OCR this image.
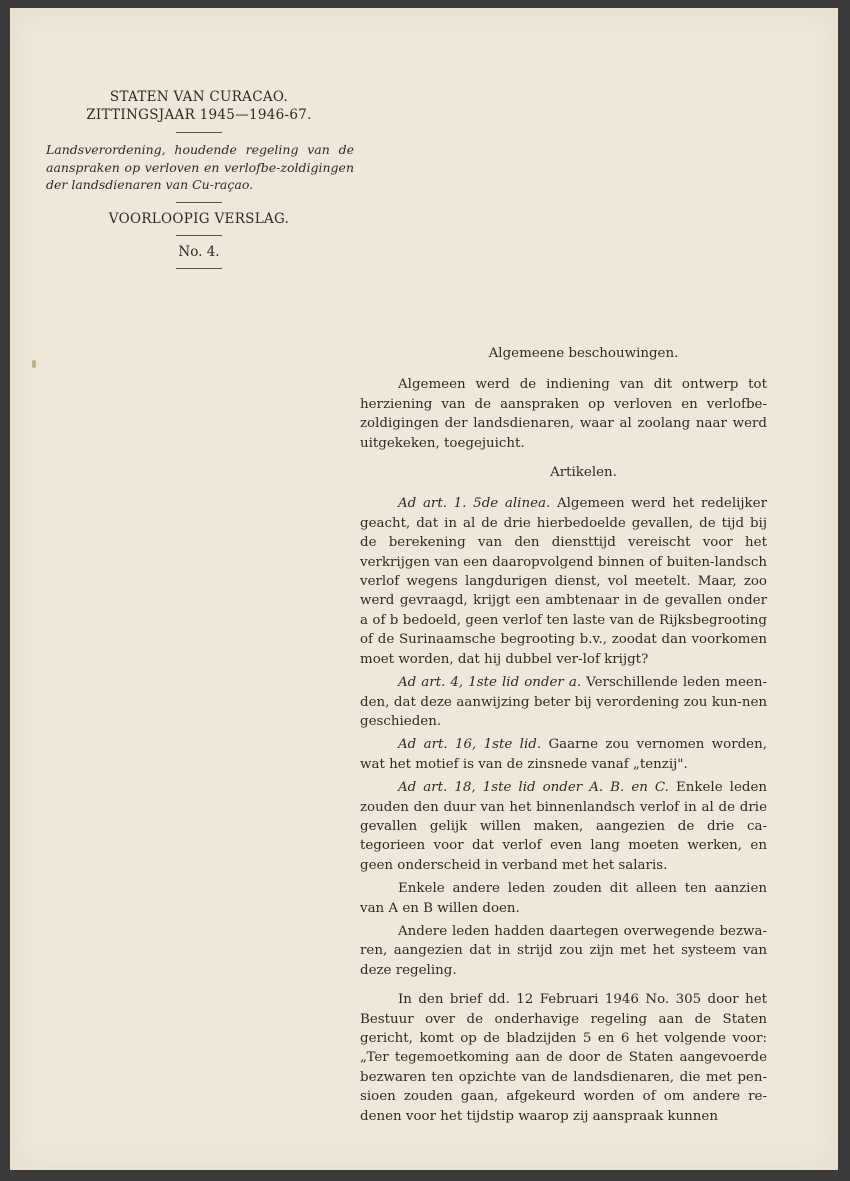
STATEN VAN CURACAO.
ZITTINGSJAAR 1945—1946-67.
Landsverordening, houdende regeling van de aanspraken op verloven en verlofbe-zoldigingen der landsdienaren van Cu-raçao.
VOORLOOPIG VERSLAG.
No. 4.
Algemeene beschouwingen.

Algemeen werd de indiening van dit ontwerp tot herziening van de aanspraken op verloven en verlofbe-zoldigingen der landsdienaren, waar al zoolang naar werd uitgekeken, toegejuicht.

Artikelen.

Ad art. 1. 5de alinea. Algemeen werd het redelijker geacht, dat in al de drie hierbedoelde gevallen, de tijd bij de berekening van den diensttijd vereischt voor het verkrijgen van een daaropvolgend binnen of buiten-landsch verlof wegens langdurigen dienst, vol meetelt. Maar, zoo werd gevraagd, krijgt een ambtenaar in de gevallen onder a of b bedoeld, geen verlof ten laste van de Rijksbegrooting of de Surinaamsche begrooting b.v., zoodat dan voorkomen moet worden, dat hij dubbel ver-lof krijgt?

Ad art. 4, 1ste lid onder a. Verschillende leden meen-den, dat deze aanwijzing beter bij verordening zou kun-nen geschieden.

Ad art. 16, 1ste lid. Gaarne zou vernomen worden, wat het motief is van de zinsnede vanaf „tenzij".

Ad art. 18, 1ste lid onder A. B. en C. Enkele leden zouden den duur van het binnenlandsch verlof in al de drie gevallen gelijk willen maken, aangezien de drie ca-tegorieen voor dat verlof even lang moeten werken, en geen onderscheid in verband met het salaris.

Enkele andere leden zouden dit alleen ten aanzien van A en B willen doen.

Andere leden hadden daartegen overwegende bezwa-ren, aangezien dat in strijd zou zijn met het systeem van deze regeling.

In den brief dd. 12 Februari 1946 No. 305 door het Bestuur over de onderhavige regeling aan de Staten gericht, komt op de bladzijden 5 en 6 het volgende voor: „Ter tegemoetkoming aan de door de Staten aangevoerde bezwaren ten opzichte van de landsdienaren, die met pen-sioen zouden gaan, afgekeurd worden of om andere re-denen voor het tijdstip waarop zij aanspraak kunnen
